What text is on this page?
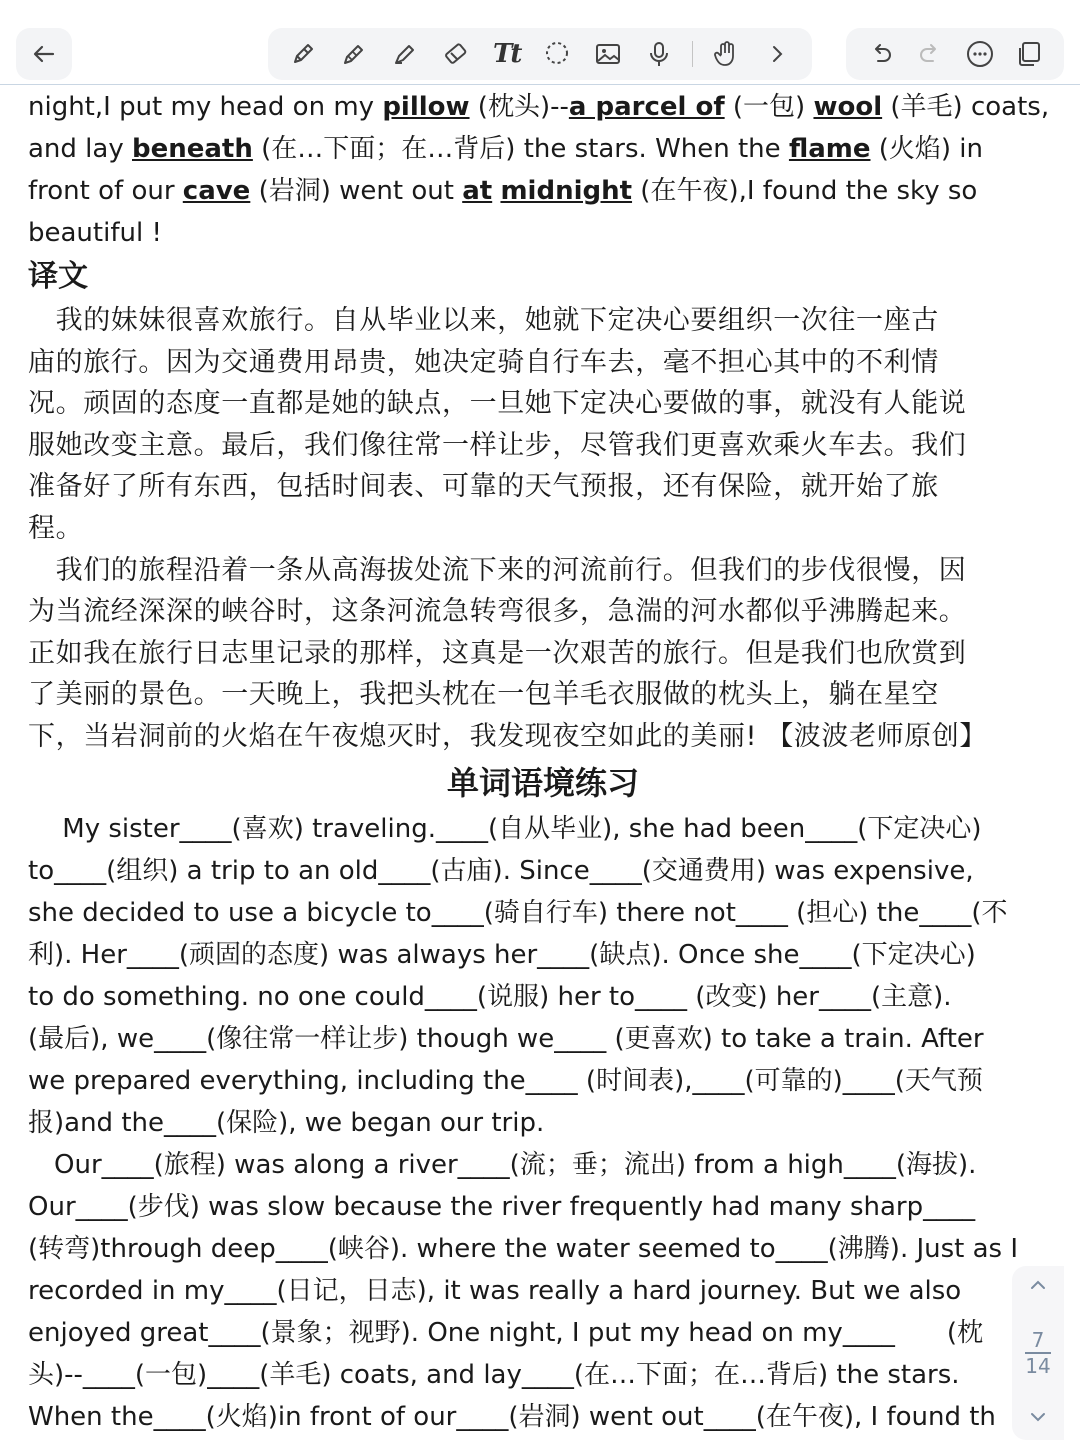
Tt

night,I put my head on my pillow (枕头)--a parcel of (一包) wool (羊毛) coats,

and lay beneath (在…下面；在…背后) the stars. When the flame (火焰) in

front of our cave (岩洞) went out at midnight (在午夜),I found the sky so

beautiful !

译文

　我的妹妹很喜欢旅行。自从毕业以来，她就下定决心要组织一次往一座古

庙的旅行。因为交通费用昂贵，她决定骑自行车去，毫不担心其中的不利情

况。顽固的态度一直都是她的缺点，一旦她下定决心要做的事，就没有人能说

服她改变主意。最后，我们像往常一样让步，尽管我们更喜欢乘火车去。我们

准备好了所有东西，包括时间表、可靠的天气预报，还有保险，就开始了旅

程。

　我们的旅程沿着一条从高海拔处流下来的河流前行。但我们的步伐很慢，因

为当流经深深的峡谷时，这条河流急转弯很多，急湍的河水都似乎沸腾起来。

正如我在旅行日志里记录的那样，这真是一次艰苦的旅行。但是我们也欣赏到

了美丽的景色。一天晚上，我把头枕在一包羊毛衣服做的枕头上，躺在星空

下，当岩洞前的火焰在午夜熄灭时，我发现夜空如此的美丽! 【波波老师原创】

单词语境练习

　 My sister____(喜欢) traveling.____(自从毕业), she had been____(下定决心)

to____(组织) a trip to an old____(古庙). Since____(交通费用) was expensive,

she decided to use a bicycle to____(骑自行车) there not____ (担心) the____(不

利). Her____(顽固的态度) was always her____(缺点). Once she____(下定决心)

to do something. no one could____(说服) her to____ (改变) her____(主意).

(最后), we____(像往常一样让步) though we____ (更喜欢) to take a train. After

we prepared everything, including the____ (时间表),____(可靠的)____(天气预

报)and the____(保险), we began our trip.

　Our____(旅程) was along a river____(流；垂；流出) from a high____(海拔).

Our____(步伐) was slow because the river frequently had many sharp____

(转弯)through deep____(峡谷). where the water seemed to____(沸腾). Just as I

recorded in my____(日记，日志), it was really a hard journey. But we also

enjoyed great____(景象；视野). One night, I put my head on my____　　(枕

头)--____(一包)____(羊毛) coats, and lay____(在…下面；在…背后) the stars.

When the____(火焰)in front of our____(岩洞) went out____(在午夜), I found th

7
14
